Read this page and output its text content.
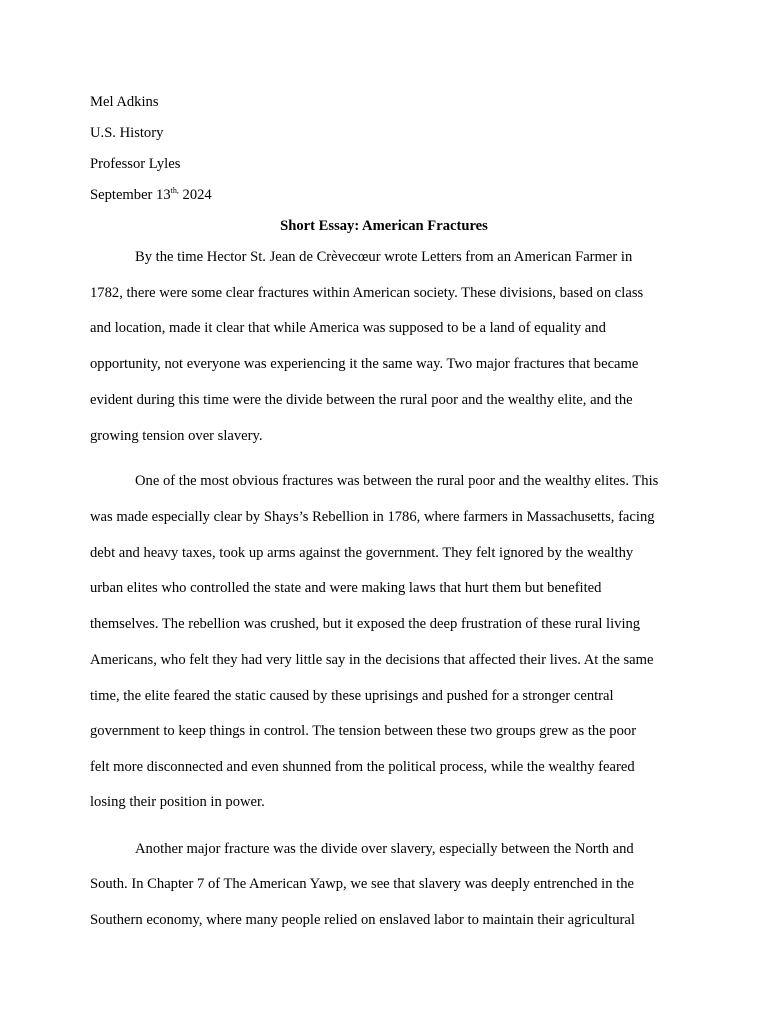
Mel Adkins
U.S. History
Professor Lyles
September $13^{th,}$ 2024
Short Essay: American Fractures
By the time Hector St. Jean de Crèvecœur wrote Letters from an American Farmer in
1782, there were some clear fractures within American society. These divisions, based on class
and location, made it clear that while America was supposed to be a land of equality and
opportunity, not everyone was experiencing it the same way. Two major fractures that became
evident during this time were the divide between the rural poor and the wealthy elite, and the
growing tension over slavery.
One of the most obvious fractures was between the rural poor and the wealthy elites. This
was made especially clear by Shays’s Rebellion in 1786, where farmers in Massachusetts, facing
debt and heavy taxes, took up arms against the government. They felt ignored by the wealthy
urban elites who controlled the state and were making laws that hurt them but benefited
themselves. The rebellion was crushed, but it exposed the deep frustration of these rural living
Americans, who felt they had very little say in the decisions that affected their lives. At the same
time, the elite feared the static caused by these uprisings and pushed for a stronger central
government to keep things in control. The tension between these two groups grew as the poor
felt more disconnected and even shunned from the political process, while the wealthy feared
losing their position in power.
Another major fracture was the divide over slavery, especially between the North and
South. In Chapter 7 of The American Yawp, we see that slavery was deeply entrenched in the
Southern economy, where many people relied on enslaved labor to maintain their agricultural
